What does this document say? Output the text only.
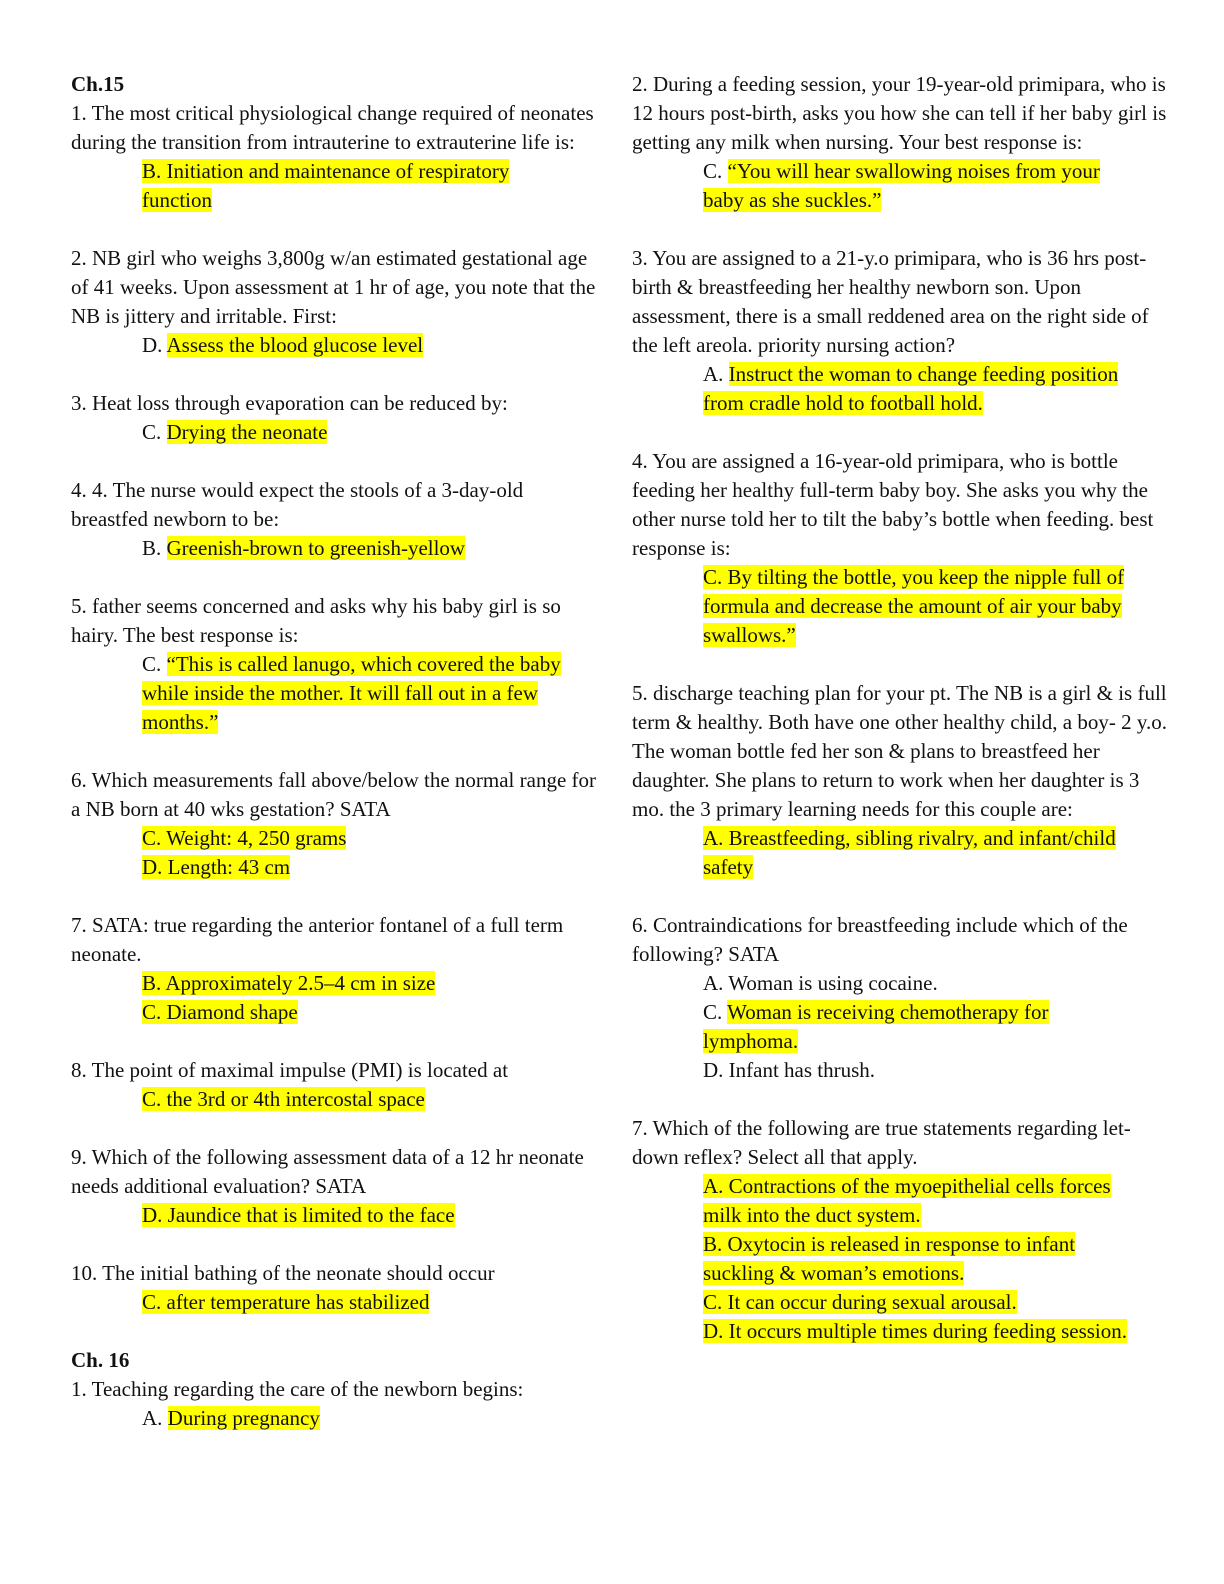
Ch.15

1. The most critical physiological change required of neonates during the transition from intrauterine to extrauterine life is:

B. Initiation and maintenance of respiratory
function

2. NB girl who weighs 3,800g w/an estimated gestational age of 41 weeks. Upon assessment at 1 hr of age, you note that the NB is jittery and irritable. First:

D. Assess the blood glucose level

3. Heat loss through evaporation can be reduced by:

C. Drying the neonate

4. 4. The nurse would expect the stools of a 3-day-old breastfed newborn to be:

B. Greenish-brown to greenish-yellow

5. father seems concerned and asks why his baby girl is so hairy. The best response is:

C. “This is called lanugo, which covered the baby
while inside the mother. It will fall out in a few
months.”

6. Which measurements fall above/below the normal range for a NB born at 40 wks gestation? SATA

C. Weight: 4, 250 grams
D. Length: 43 cm

7. SATA: true regarding the anterior fontanel of a full term neonate.

B. Approximately 2.5–4 cm in size
C. Diamond shape

8. The point of maximal impulse (PMI) is located at

C. the 3rd or 4th intercostal space

9. Which of the following assessment data of a 12 hr neonate needs additional evaluation? SATA

D. Jaundice that is limited to the face

10. The initial bathing of the neonate should occur

C. after temperature has stabilized

Ch. 16

1. Teaching regarding the care of the newborn begins:

A. During pregnancy

2. During a feeding session, your 19-year-old primipara, who is 12 hours post-birth, asks you how she can tell if her baby girl is getting any milk when nursing. Your best response is:

C. “You will hear swallowing noises from your
baby as she suckles.”

3. You are assigned to a 21-y.o primipara, who is 36 hrs post-birth & breastfeeding her healthy newborn son. Upon assessment, there is a small reddened area on the right side of the left areola. priority nursing action?

A. Instruct the woman to change feeding position
from cradle hold to football hold.

4. You are assigned a 16-year-old primipara, who is bottle feeding her healthy full-term baby boy. She asks you why the other nurse told her to tilt the baby’s bottle when feeding. best response is:

C. By tilting the bottle, you keep the nipple full of
formula and decrease the amount of air your baby
swallows.”

5. discharge teaching plan for your pt. The NB is a girl & is full term & healthy. Both have one other healthy child, a boy- 2 y.o. The woman bottle fed her son & plans to breastfeed her daughter. She plans to return to work when her daughter is 3 mo. the 3 primary learning needs for this couple are:

A. Breastfeeding, sibling rivalry, and infant/child
safety

6. Contraindications for breastfeeding include which of the following? SATA

A. Woman is using cocaine.
C. Woman is receiving chemotherapy for
lymphoma.
D. Infant has thrush.

7. Which of the following are true statements regarding let-down reflex? Select all that apply.

A. Contractions of the myoepithelial cells forces
milk into the duct system.
B. Oxytocin is released in response to infant
suckling & woman’s emotions.
C. It can occur during sexual arousal.
D. It occurs multiple times during feeding session.
